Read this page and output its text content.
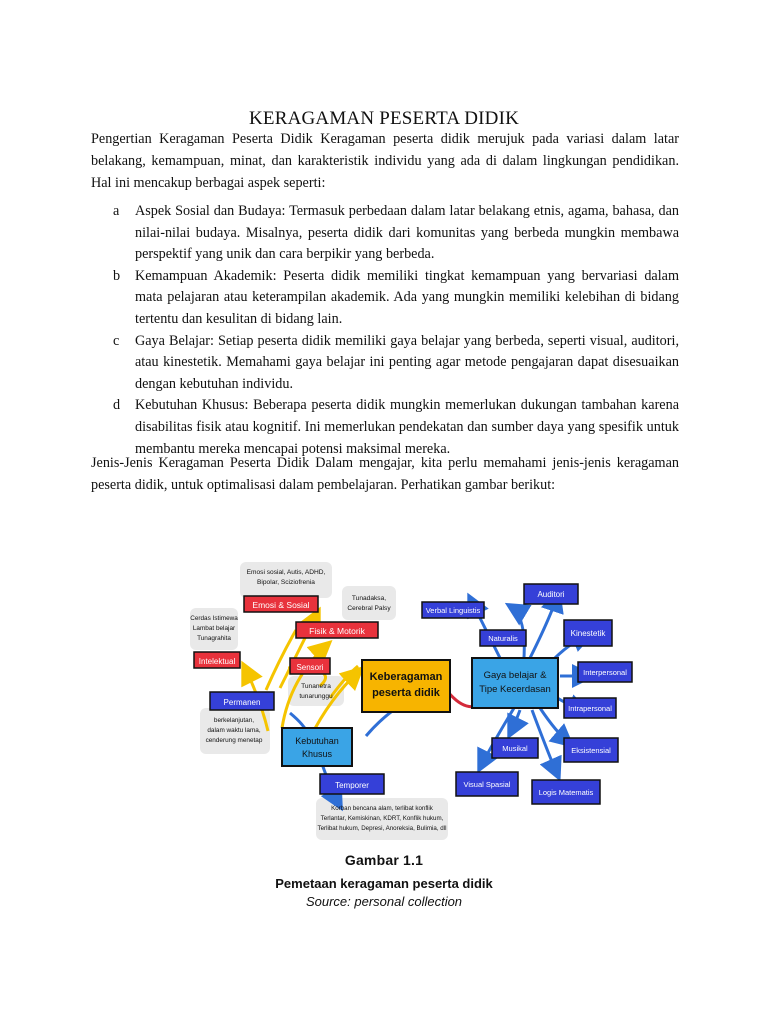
KERAGAMAN PESERTA DIDIK

Pengertian Keragaman Peserta Didik Keragaman peserta didik merujuk pada variasi dalam latar belakang, kemampuan, minat, dan karakteristik individu yang ada di dalam lingkungan pendidikan. Hal ini mencakup berbagai aspek seperti:

a Aspek Sosial dan Budaya: Termasuk perbedaan dalam latar belakang etnis, agama, bahasa, dan nilai-nilai budaya. Misalnya, peserta didik dari komunitas yang berbeda mungkin membawa perspektif yang unik dan cara berpikir yang berbeda.
b Kemampuan Akademik: Peserta didik memiliki tingkat kemampuan yang bervariasi dalam mata pelajaran atau keterampilan akademik. Ada yang mungkin memiliki kelebihan di bidang tertentu dan kesulitan di bidang lain.
c Gaya Belajar: Setiap peserta didik memiliki gaya belajar yang berbeda, seperti visual, auditori, atau kinestetik. Memahami gaya belajar ini penting agar metode pengajaran dapat disesuaikan dengan kebutuhan individu.
d Kebutuhan Khusus: Beberapa peserta didik mungkin memerlukan dukungan tambahan karena disabilitas fisik atau kognitif. Ini memerlukan pendekatan dan sumber daya yang spesifik untuk membantu mereka mencapai potensi maksimal mereka.

Jenis-Jenis Keragaman Peserta Didik Dalam mengajar, kita perlu memahami jenis-jenis keragaman peserta didik, untuk optimalisasi dalam pembelajaran. Perhatikan gambar berikut:

Emosi sosial, Autis, ADHD,
Bipolar, Sciziofrenia
Tunadaksa,
Cerebral Palsy
Cerdas Istimewa
Lambat belajar
Tunagrahita
Tunanetra
tunarunggu
berkelanjutan,
dalam waktu lama,
cenderung menetap
Korban bencana alam, terlibat konflik
Terlantar, Kemiskinan, KDRT, Konflik hukum,
Terlibat hukum, Depresi, Anoreksia, Bulimia, dll
Emosi & Sosial
Fisik & Motorik
Intelektual
Sensori
Keberagaman
peserta didik
Gaya belajar &
Tipe Kecerdasan
Kebutuhan
Khusus
Permanen
Temporer
Verbal Linguistis
Naturalis
Auditori
Kinestetik
Interpersonal
Intrapersonal
Eksistensial
Musikal
Visual Spasial
Logis Matematis
Gambar 1.1
Pemetaan keragaman peserta didik
Source: personal collection
